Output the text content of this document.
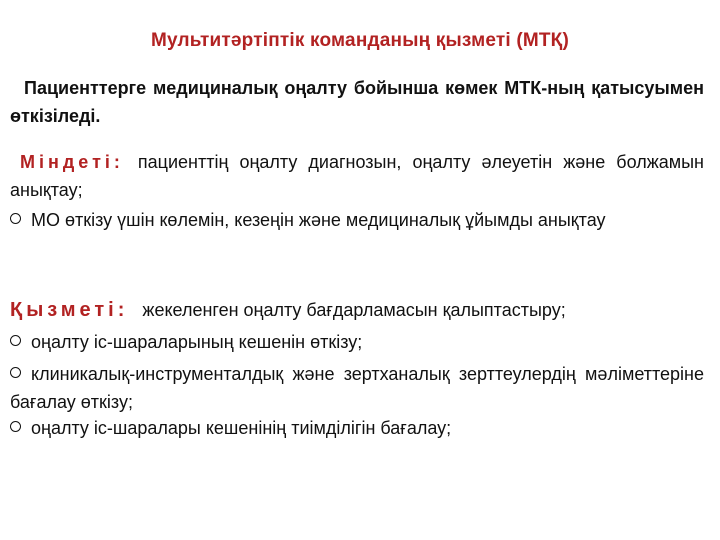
Мультитәртіптік команданың қызметі (МТҚ)
Пациенттерге медициналық оңалту бойынша көмек МТК-ның қатысуымен өткізіледі.
Міндеті: пациенттің оңалту диагнозын, оңалту әлеуетін және болжамын анықтау;
МО өткізу үшін көлемін, кезеңін және медициналық ұйымды анықтау
Қызметі: жекеленген оңалту бағдарламасын қалыптастыру;
оңалту іс-шараларының кешенін өткізу;
клиникалық-инструменталдық және зертханалық зерттеулердің мәліметтеріне бағалау өткізу;
оңалту іс-шаралары кешенінің тиімділігін бағалау;
